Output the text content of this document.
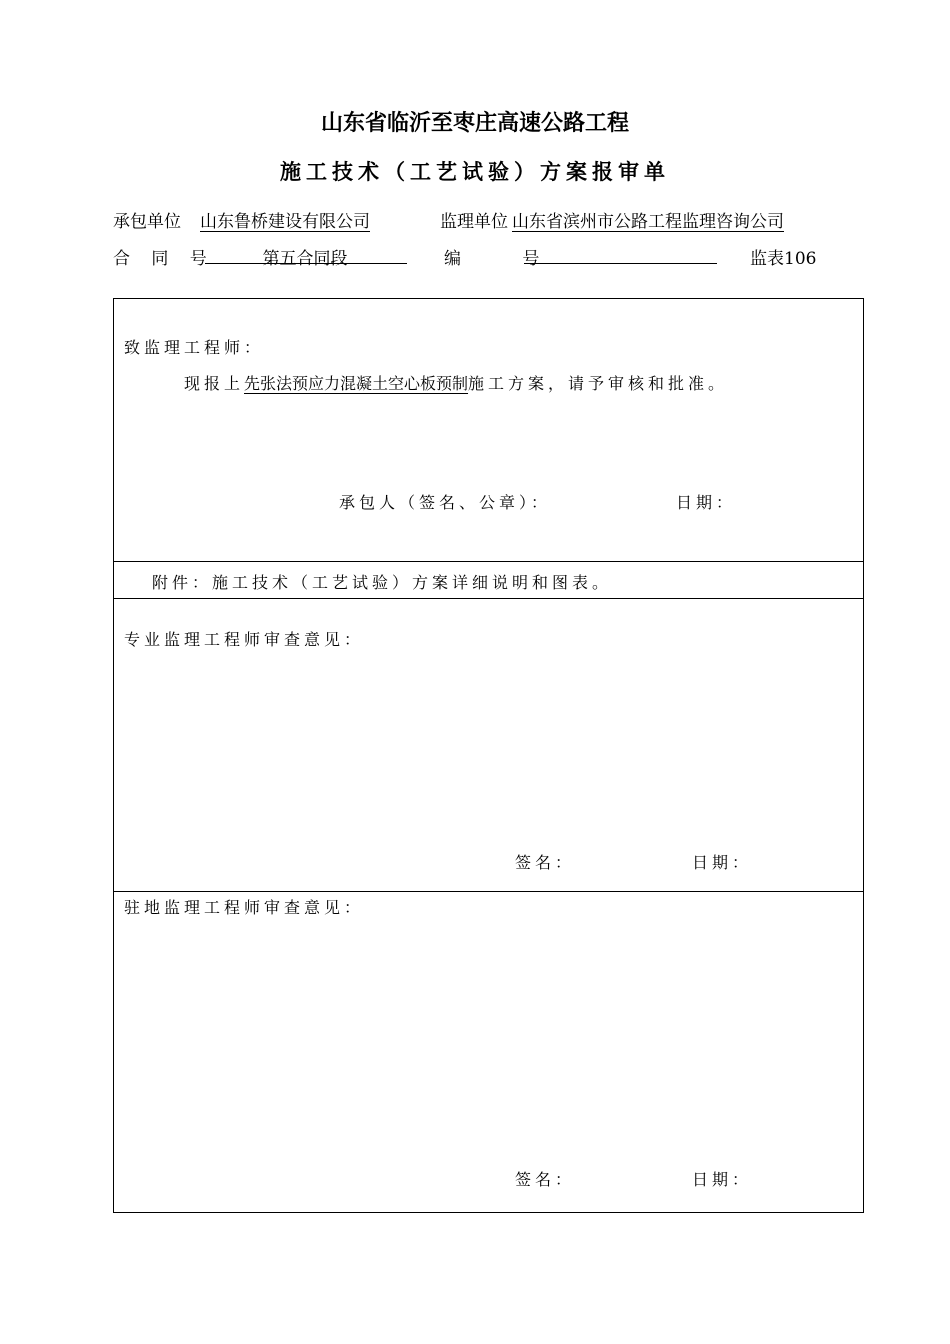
山东省临沂至枣庄高速公路工程
施工技术（工艺试验）方案报审单
承包单位 山东鲁桥建设有限公司	监理单位 山东省滨州市公路工程监理咨询公司
合 同 号	第五合同段	编 号	监表106
致监理工程师：
现报上先张法预应力混凝土空心板预制施工方案，请予审核和批准。
承包人（签名、公章）：	日期：
附件：施工技术（工艺试验）方案详细说明和图表。
专业监理工程师审查意见：
签名：	日期：
驻地监理工程师审查意见：
签名：	日期：
